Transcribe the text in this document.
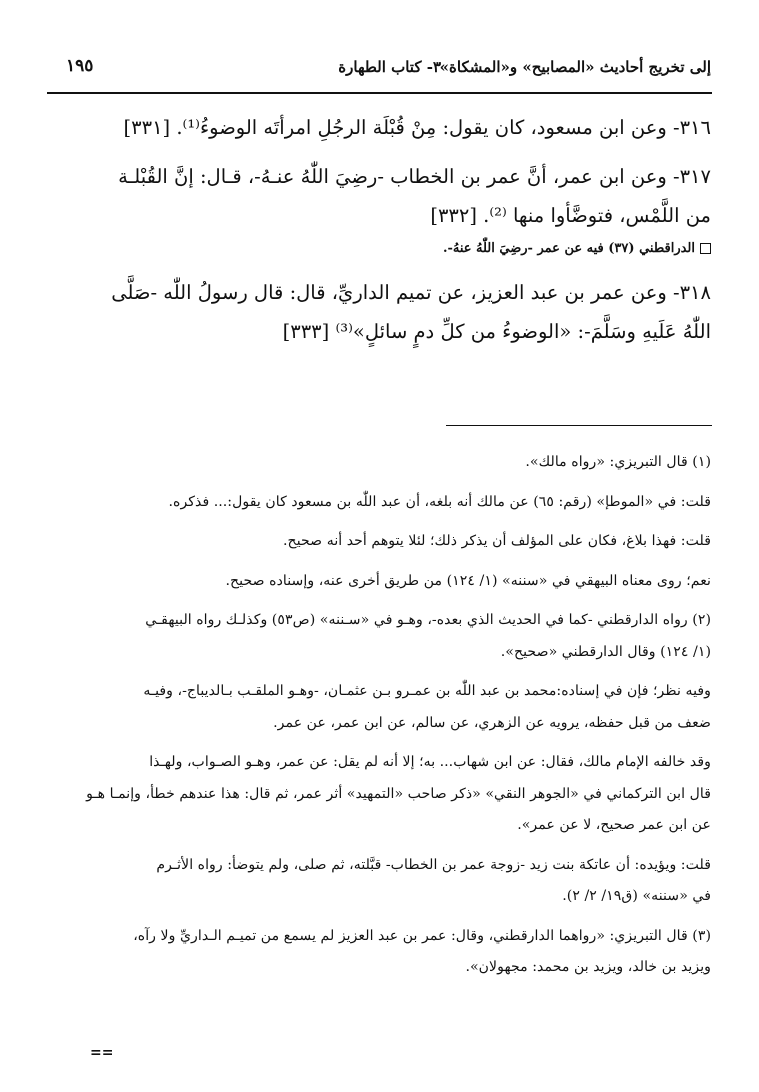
إلى تخريج أحاديث «المصابيح» و«المشكاة»
٣- كتاب الطهارة
١٩٥

٣١٦- وعن ابن مسعود، كان يقول: مِنْ قُبْلَة الرجُلِ امرأتَه الوضوءُ⁽¹⁾. [٣٣١]

٣١٧- وعن ابن عمر، أنَّ عمر بن الخطاب -رضِيَ اللّٰهُ عنـهُ-، قـال: إنَّ القُبْلـة

من اللَّمْس، فتوضَّأوا منها ⁽²⁾. [٣٣٢]

الدراقطني (٣٧) فيه عن عمر -رضِيَ اللّٰهُ عنهُ-.

٣١٨- وعن عمر بن عبد العزيز، عن تميم الداريِّ، قال: قال رسولُ اللّٰه -صَلَّى

اللّٰهُ عَلَيهِ وسَلَّمَ-: «الوضوءُ من كلِّ دمٍ سائلٍ»⁽³⁾ [٣٣٣]

(١) قال التبريزي: «رواه مالك».

قلت: في «الموطإ» (رقم: ٦٥) عن مالك أنه بلغه، أن عبد اللّٰه بن مسعود كان يقول:... فذكره.

قلت: فهذا بلاغ، فكان على المؤلف أن يذكر ذلك؛ لئلا يتوهم أحد أنه صحيح.

نعم؛ روى معناه البيهقي في «سننه» (١/ ١٢٤) من طريق أخرى عنه، وإسناده صحيح.

(٢) رواه الدارقطني -كما في الحديث الذي بعده-، وهـو في «سـننه» (ص٥٣) وكذلـك رواه البيهقـي
(١/ ١٢٤) وقال الدارقطني «صحيح».

وفيه نظر؛ فإن في إسناده:محمد بن عبد اللّٰه بن عمـرو بـن عثمـان، -وهـو الملقـب بـالديباج-، وفيـه
ضعف من قبل حفظه، يرويه عن الزهري، عن سالم، عن ابن عمر، عن عمر.

وقد خالفه الإمام مالك، فقال: عن ابن شهاب... به؛ إلا أنه لم يقل: عن عمر، وهـو الصـواب، ولهـذا
قال ابن التركماني في «الجوهر النقي» «ذكر صاحب «التمهيد» أثر عمر، ثم قال: هذا عندهم خطأ، وإنمـا هـو
عن ابن عمر صحيح، لا عن عمر».

قلت: ويؤيده: أن عاتكة بنت زيد -زوجة عمر بن الخطاب- قبَّلته، ثم صلى، ولم يتوضأ: رواه الأثـرم
في «سننه» (ق١٩/ ٢/ ٢).

(٣) قال التبريزي: «رواهما الدارقطني، وقال: عمر بن عبد العزيز لم يسمع من تميـم الـداريِّ ولا رآه،
ويزيد بن خالد، ويزيد بن محمد: مجهولان».

==
